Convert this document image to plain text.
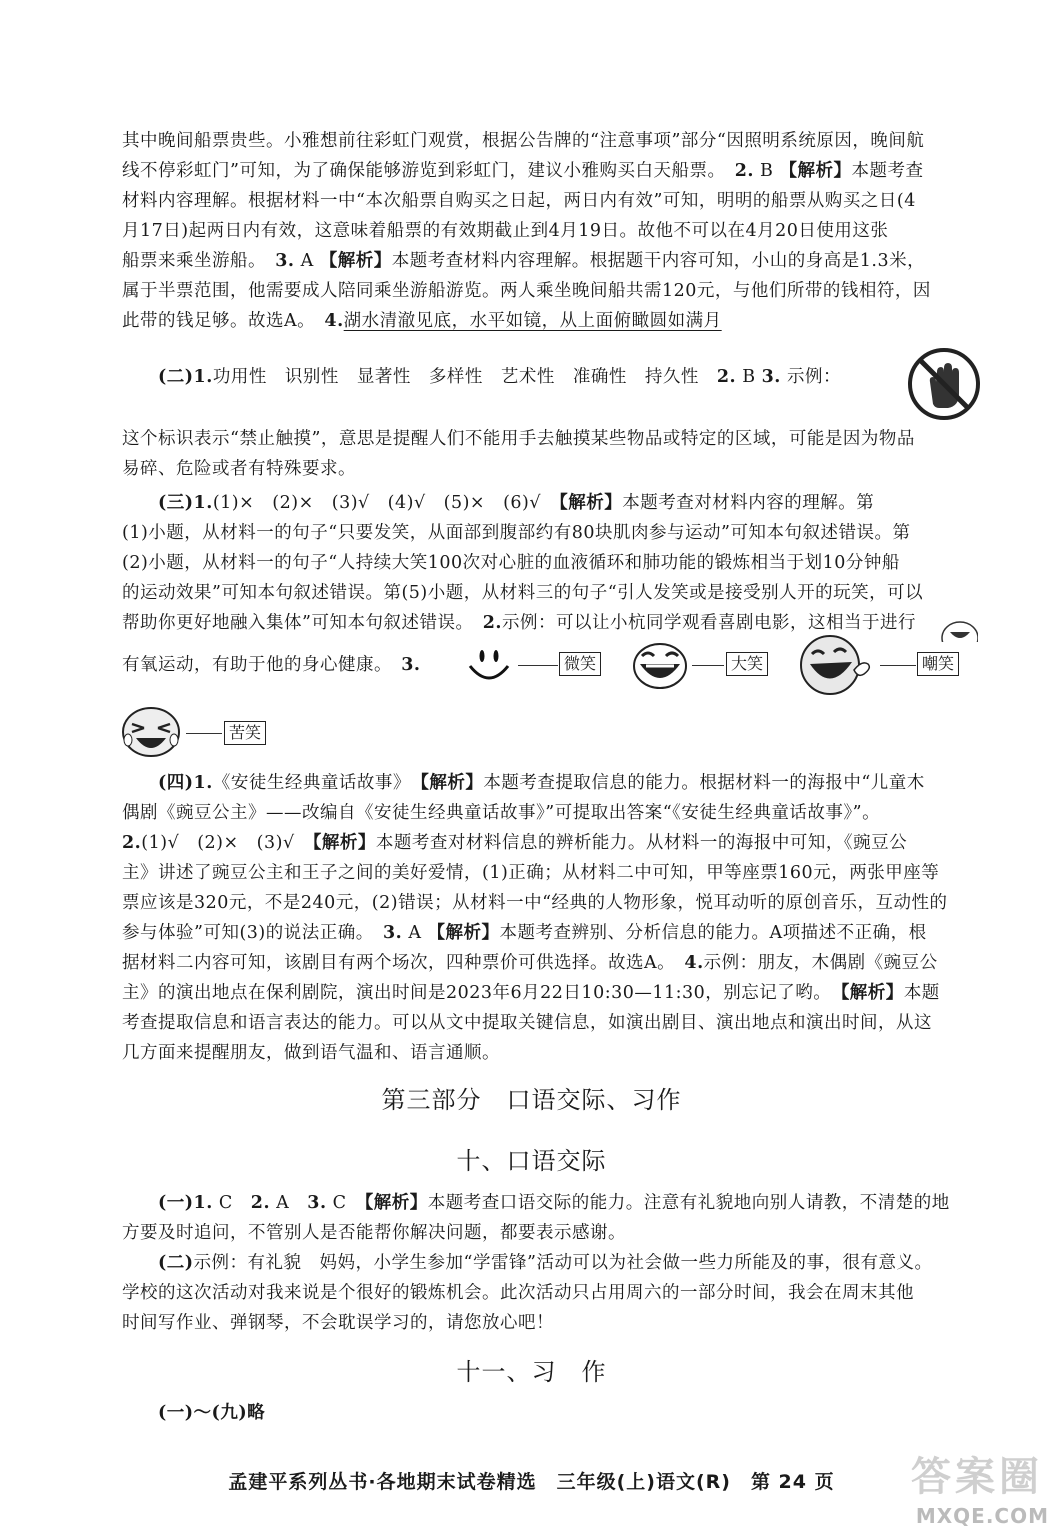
其中晚间船票贵些。小雅想前往彩虹门观赏，根据公告牌的“注意事项”部分“因照明系统原因，晚间航
线不停彩虹门”可知，为了确保能够游览到彩虹门，建议小雅购买白天船票。　2. B 【解析】本题考查
材料内容理解。根据材料一中“本次船票自购买之日起，两日内有效”可知，明明的船票从购买之日(4
月17日)起两日内有效，这意味着船票的有效期截止到4月19日。故他不可以在4月20日使用这张
船票来乘坐游船。　3. A 【解析】本题考查材料内容理解。根据题干内容可知，小山的身高是1.3米，
属于半票范围，他需要成人陪同乘坐游船游览。两人乘坐晚间船共需120元，与他们所带的钱相符，因
此带的钱足够。故选A。　4.湖水清澈见底，水平如镜，从上面俯瞰圆如满月
(二)1.功用性　识别性　显著性　多样性　艺术性　准确性　持久性　 2. B 3. 示例：
这个标识表示“禁止触摸”，意思是提醒人们不能用手去触摸某些物品或特定的区域，可能是因为物品
易碎、危险或者有特殊要求。
(三)1.(1)×　(2)×　(3)√　(4)√　(5)×　(6)√　【解析】本题考查对材料内容的理解。第
(1)小题，从材料一的句子“只要发笑，从面部到腹部约有80块肌肉参与运动”可知本句叙述错误。第
(2)小题，从材料一的句子“人持续大笑100次对心脏的血液循环和肺功能的锻炼相当于划10分钟船
的运动效果”可知本句叙述错误。第(5)小题，从材料三的句子“引人发笑或是接受别人开的玩笑，可以
帮助你更好地融入集体”可知本句叙述错误。　2.示例：可以让小杭同学观看喜剧电影，这相当于进行
有氧运动，有助于他的身心健康。　 3.	微笑	大笑	嘲笑
苦笑
(四)1.《安徒生经典童话故事》　【解析】本题考查提取信息的能力。根据材料一的海报中“儿童木
偶剧《豌豆公主》——改编自《安徒生经典童话故事》”可提取出答案“《安徒生经典童话故事》”。
2.(1)√　(2)×　(3)√　【解析】本题考查对材料信息的辨析能力。从材料一的海报中可知，《豌豆公
主》讲述了豌豆公主和王子之间的美好爱情，(1)正确；从材料二中可知，甲等座票160元，两张甲座等
票应该是320元，不是240元，(2)错误；从材料一中“经典的人物形象，悦耳动听的原创音乐，互动性的
参与体验”可知(3)的说法正确。　3. A 【解析】本题考查辨别、分析信息的能力。A项描述不正确，根
据材料二内容可知，该剧目有两个场次，四种票价可供选择。故选A。　4.示例：朋友，木偶剧《豌豆公
主》的演出地点在保利剧院，演出时间是2023年6月22日10:30—11:30，别忘记了哟。　【解析】本题
考查提取信息和语言表达的能力。可以从文中提取关键信息，如演出剧目、演出地点和演出时间，从这
几方面来提醒朋友，做到语气温和、语言通顺。
第三部分　口语交际、习作
十、口语交际
(一)1. C　2. A　3. C　【解析】本题考查口语交际的能力。注意有礼貌地向别人请教，不清楚的地
方要及时追问，不管别人是否能帮你解决问题，都要表示感谢。
(二)示例：有礼貌　妈妈，小学生参加“学雷锋”活动可以为社会做一些力所能及的事，很有意义。
学校的这次活动对我来说是个很好的锻炼机会。此次活动只占用周六的一部分时间，我会在周末其他
时间写作业、弹钢琴，不会耽误学习的，请您放心吧！
十一、习　作
(一)～(九)略
孟建平系列丛书·各地期末试卷精选　三年级(上)语文(R)　第 24 页	答案圈
MXQE.COM
